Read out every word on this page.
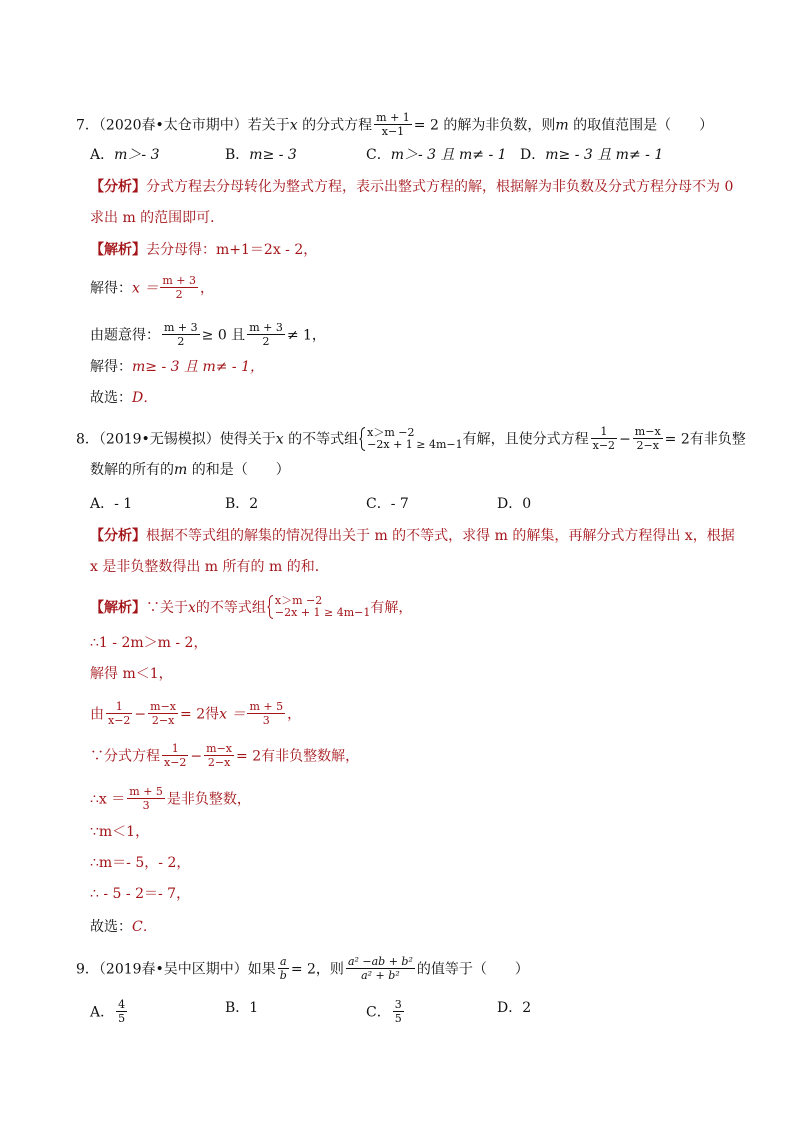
7．（2020春•太仓市期中）若关于x 的分式方程 $\frac{m + 1}{x-1} = 2$ 的解为非负数，则m 的取值范围是（　　）
A．m＞- 3	B．m≥ - 3	C．m＞- 3 且 m≠ - 1 D．m≥ - 3 且 m≠ - 1
【分析】分式方程去分母转化为整式方程，表示出整式方程的解，根据解为非负数及分式方程分母不为 0
求出 m 的范围即可．
【解析】去分母得：m+1＝2x - 2，
解得：$x = \frac{m + 3}{2}$ ，
由题意得： $\frac{m + 3}{2} \ge 0$ 且 $\frac{m + 3}{2} \ne 1$，
解得：m≥ - 3 且 m≠ - 1，
故选：D．
8．（2019•无锡模拟）使得关于x 的不等式组 x＞m −2
−2x + 1 ≥ 4m−1 有解，且使分式方程 $\frac{1}{x-2} - \frac{m-x}{2-x} = 2$有非负整
数解的所有的m 的和是（　　）
A．- 1	B．2	C．- 7	D．0
【分析】根据不等式组的解集的情况得出关于 m 的不等式，求得 m 的解集，再解分式方程得出 x，根据
x 是非负整数得出 m 所有的 m 的和．
【解析】∵关于x的不等式组 x＞m −2
−2x + 1 ≥ 4m−1 有解，
∴1 - 2m＞m - 2，
解得 m＜1，
由 $\frac{1}{x-2} - \frac{m-x}{2-x} = 2$得$x = \frac{m + 5}{3}$ ，
∵分式方程 $\frac{1}{x-2} - \frac{m-x}{2-x} = 2$有非负整数解，
∴x ＝ $\frac{m + 5}{3}$ 是非负整数，
∵m＜1，
∴m＝- 5，- 2，
∴ - 5 - 2＝- 7，
故选：C．
9．（2019春•吴中区期中）如果 $\frac{a}{b} = 2$，则 $\frac{\text{a² −ab + b²}}{\text{a² + b²}}$ 的值等于（　　）
A． $\frac{4}{5}$	B．1	C． $\frac{3}{5}$	D．2
